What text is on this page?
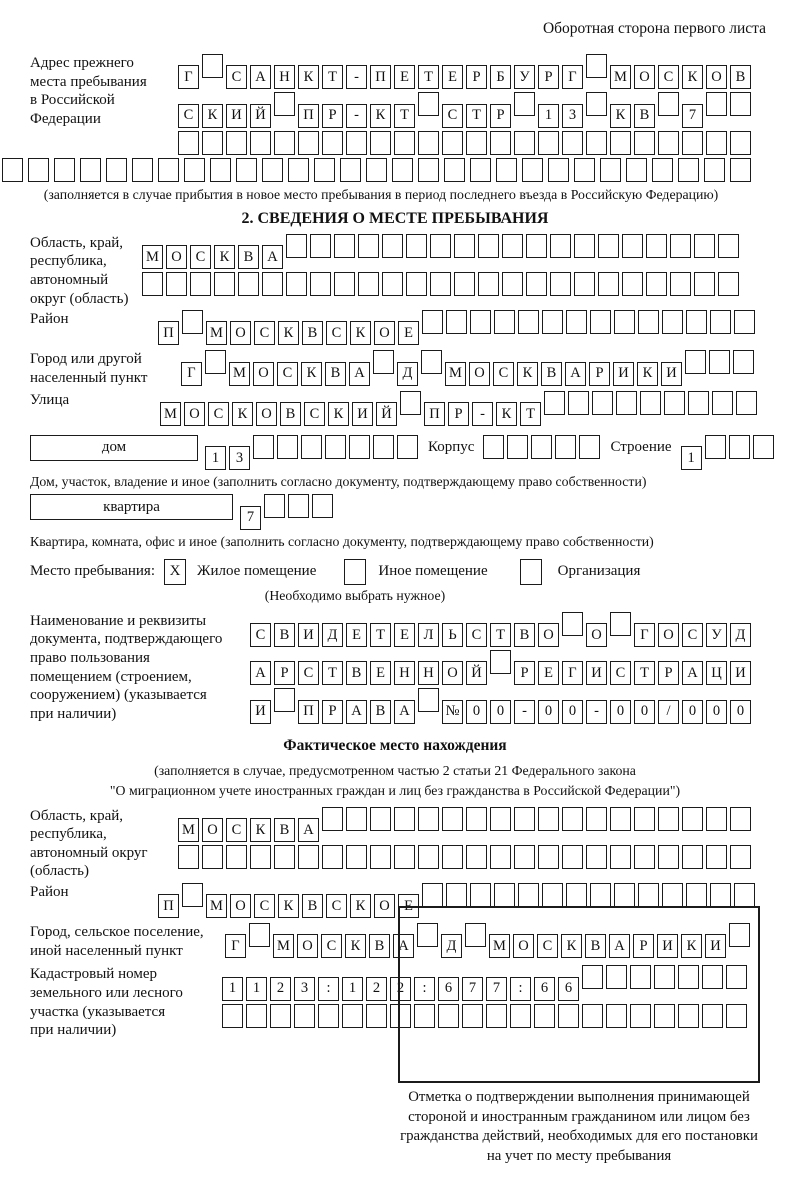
Оборотная сторона первого листа
Адрес прежнего
места пребывания
в Российской
Федерации
Г	С А Н К Т - П Е Т Е Р Б У Р Г	М О С К О В
С К И Й	П Р - К Т	С Т Р	1 3	К В	7
(заполняется в случае прибытия в новое место пребывания в период последнего въезда в Российскую Федерацию)
2. СВЕДЕНИЯ О МЕСТЕ ПРЕБЫВАНИЯ
Область, край,
республика,
автономный
округ (область)
М О С К В А
Район
П	М О С К В С К О Е
Город или другой
населенный пункт	Г	М О С К В А	Д	М О С К В А Р И К И
Улица
М О С К О В С К И Й	П Р - К Т
дом
1 3
Корпус	Строение
1
Дом, участок, владение и иное (заполнить согласно документу, подтверждающему право собственности)
квартира
7
Квартира, комната, офис и иное (заполнить согласно документу, подтверждающему право собственности)
Место пребывания: X	Жилое помещение	Иное помещение	Организация
(Необходимо выбрать нужное)
Наименование и реквизиты
документа, подтверждающего
право пользования
помещением (строением,
сооружением) (указывается
при наличии)
С В И Д Е Т Е Л Ь С Т В О	О	Г О С У Д
А Р С Т В Е Н Н О Й	Р Е Г И С Т Р А Ц И
И	П Р А В А № 0 0 - 0 0 - 0 0 / 0 0 0
Фактическое место нахождения
(заполняется в случае, предусмотренном частью 2 статьи 21 Федерального закона
"О миграционном учете иностранных граждан и лиц без гражданства в Российской Федерации")
Область, край,
республика,
автономный округ
(область)
М О С К В А
Район
П	М О С К В С К О Е
Город, сельское поселение,
иной населенный пункт	Г	М О С К В А	Д	М О С К В А Р И К И
Кадастровый номер
земельного или лесного
участка (указывается
при наличии)
1 1 2 3 : 1 2 2 : 6 7 7 : 6 6
Отметка о подтверждении выполнения принимающей
стороной и иностранным гражданином или лицом без
гражданства действий, необходимых для его постановки
на учет по месту пребывания
